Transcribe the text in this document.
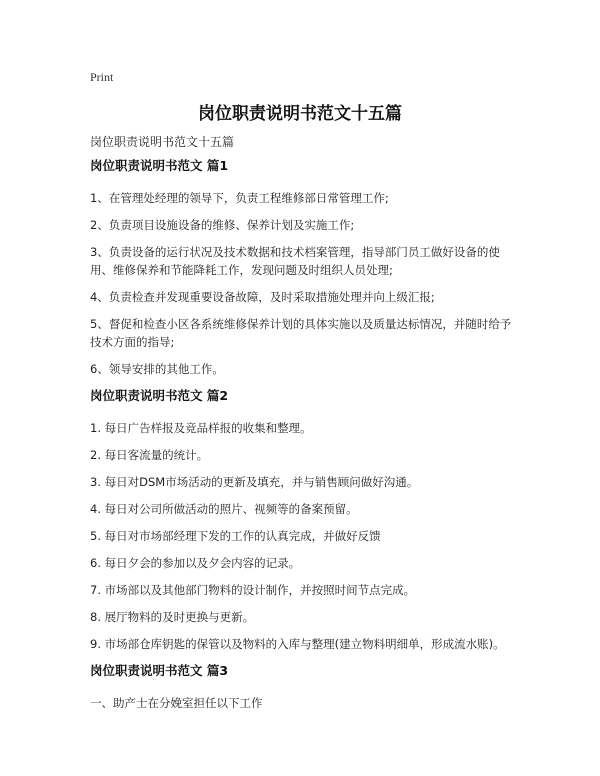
Print
岗位职责说明书范文十五篇
岗位职责说明书范文十五篇
岗位职责说明书范文 篇1
1、在管理处经理的领导下，负责工程维修部日常管理工作;
2、负责项目设施设备的维修、保养计划及实施工作;
3、负责设备的运行状况及技术数据和技术档案管理，指导部门员工做好设备的使用、维修保养和节能降耗工作，发现问题及时组织人员处理;
4、负责检查并发现重要设备故障，及时采取措施处理并向上级汇报;
5、督促和检查小区各系统维修保养计划的具体实施以及质量达标情况，并随时给予技术方面的指导;
6、领导安排的其他工作。
岗位职责说明书范文 篇2
1. 每日广告样报及竞品样报的收集和整理。
2. 每日客流量的统计。
3. 每日对DSM市场活动的更新及填充，并与销售顾问做好沟通。
4. 每日对公司所做活动的照片、视频等的备案预留。
5. 每日对市场部经理下发的工作的认真完成，并做好反馈
6. 每日夕会的参加以及夕会内容的记录。
7. 市场部以及其他部门物料的设计制作，并按照时间节点完成。
8. 展厅物料的及时更换与更新。
9. 市场部仓库钥匙的保管以及物料的入库与整理(建立物料明细单，形成流水账)。
岗位职责说明书范文 篇3
一、助产士在分娩室担任以下工作
